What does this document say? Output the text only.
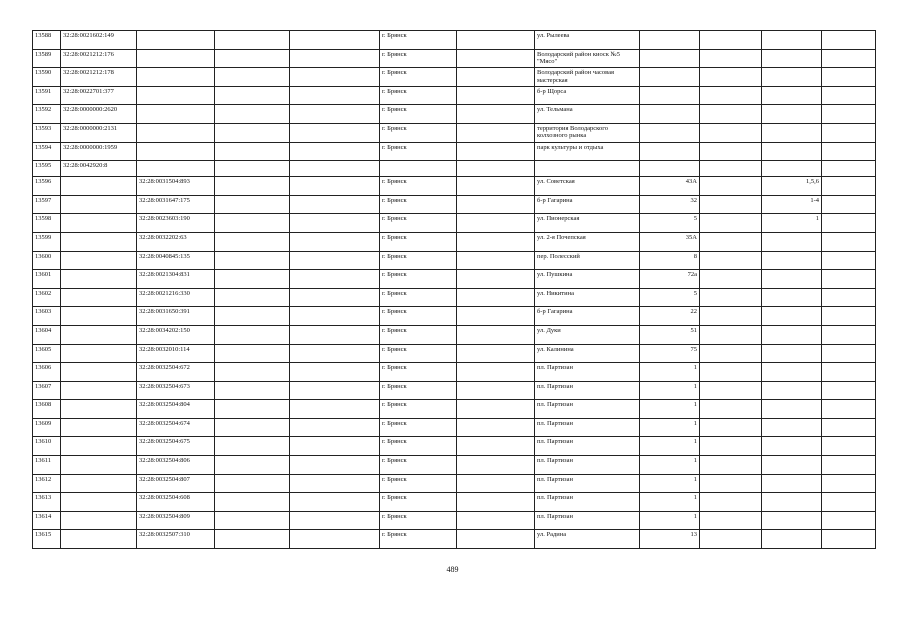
13588	32:28:0021602:149				г. Брянск		ул. Рылеева				
13589	32:28:0021212:176				г. Брянск		Володарский район киоск №5 "Мясо"				
13590	32:28:0021212:178				г. Брянск		Володарский район часовая мастерская				
13591	32:28:0022701:377				г. Брянск		б-р Щорса				
13592	32:28:0000000:2620				г. Брянск		ул. Тельмана				
13593	32:28:0000000:2131				г. Брянск		территория Володарского колхозного рынка				
13594	32:28:0000000:1959				г. Брянск		парк культуры и отдыха				
13595	32:28:0042920:8										
13596		32:28:0031504:893			г. Брянск		ул. Советская	43А		1,5,6	
13597		32:28:0031647:175			г. Брянск		б-р Гагарина	32		1-4	
13598		32:28:0023603:190			г. Брянск		ул. Пионерская	5		1	
13599		32:28:0032202:63			г. Брянск		ул. 2-я Почепская	35А			
13600		32:28:0040845:135			г. Брянск		пер. Полесский	8			
13601		32:28:0021304:831			г. Брянск		ул. Пушкина	72а			
13602		32:28:0021216:330			г. Брянск		ул. Никитина	5			
13603		32:28:0031650:391			г. Брянск		б-р Гагарина	22			
13604		32:28:0034202:150			г. Брянск		ул. Дуки	51			
13605		32:28:0032010:114			г. Брянск		ул. Калинина	75			
13606		32:28:0032504:672			г. Брянск		пл. Партизан	1			
13607		32:28:0032504:673			г. Брянск		пл. Партизан	1			
13608		32:28:0032504:804			г. Брянск		пл. Партизан	1			
13609		32:28:0032504:674			г. Брянск		пл. Партизан	1			
13610		32:28:0032504:675			г. Брянск		пл. Партизан	1			
13611		32:28:0032504:806			г. Брянск		пл. Партизан	1			
13612		32:28:0032504:807			г. Брянск		пл. Партизан	1			
13613		32:28:0032504:608			г. Брянск		пл. Партизан	1			
13614		32:28:0032504:809			г. Брянск		пл. Партизан	1			
13615		32:28:0032507:310			г. Брянск		ул. Радина	13			
489
